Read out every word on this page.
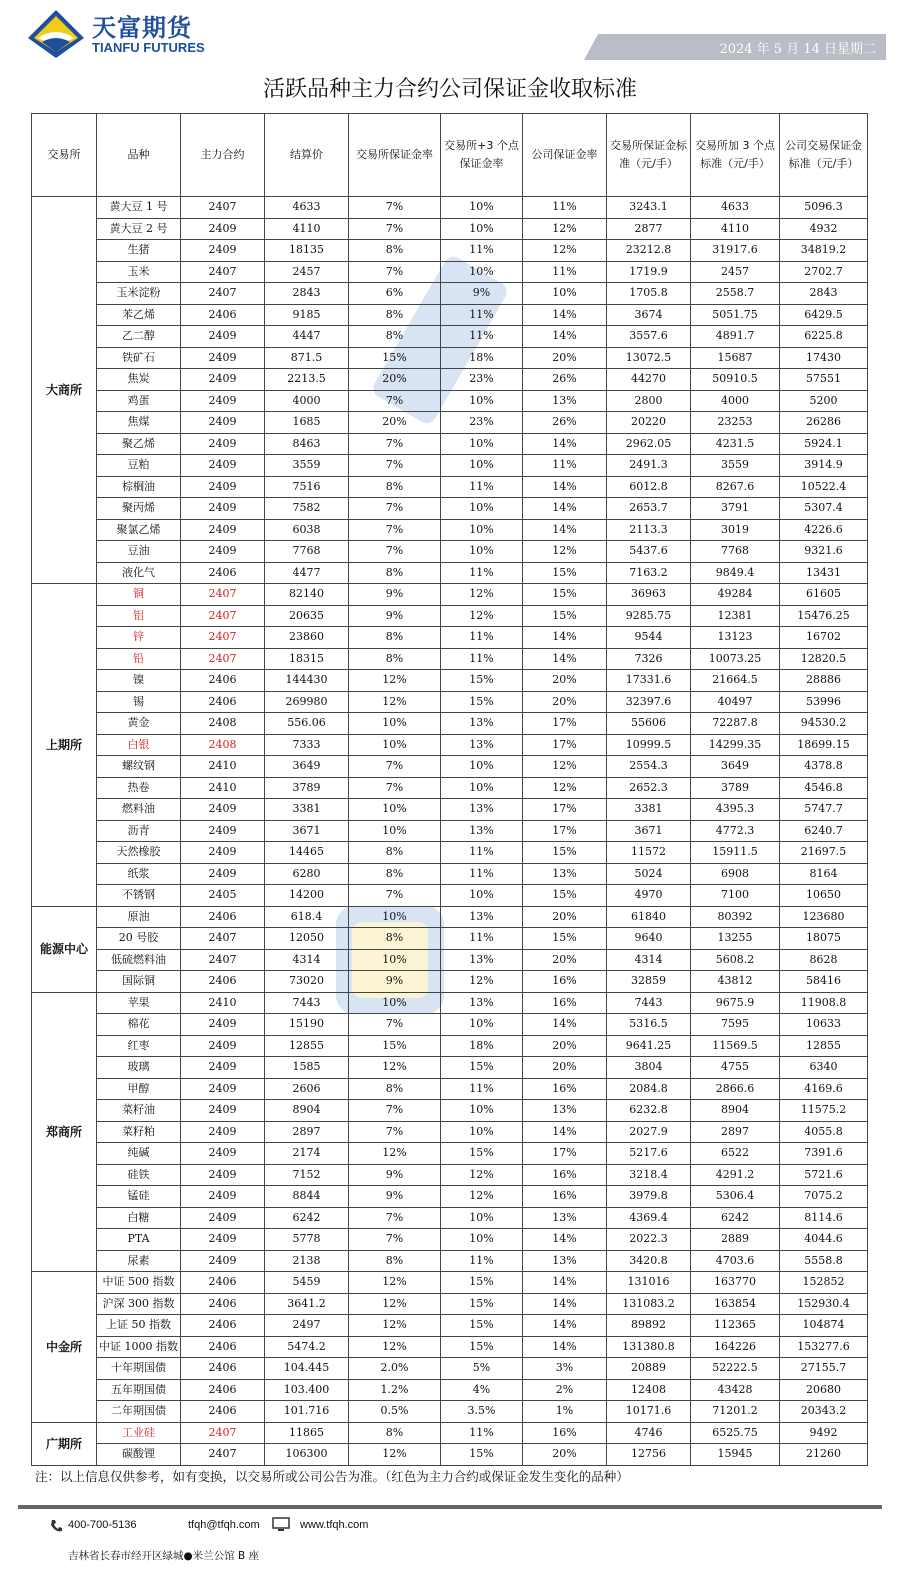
天富期货
TIANFU FUTURES	2024 年 5 月 14 日星期二
活跃品种主力合约公司保证金收取标准
交易所	品种	主力合约	结算价	交易所保证金率	交易所+3 个点保证金率	公司保证金率	交易所保证金标准（元/手）	交易所加 3 个点标准（元/手）	公司交易保证金标准（元/手）
大商所	黄大豆 1 号	2407	4633	7%	10%	11%	3243.1	4633	5096.3
	黄大豆 2 号	2409	4110	7%	10%	12%	2877	4110	4932
	生猪	2409	18135	8%	11%	12%	23212.8	31917.6	34819.2
	玉米	2407	2457	7%	10%	11%	1719.9	2457	2702.7
	玉米淀粉	2407	2843	6%	9%	10%	1705.8	2558.7	2843
	苯乙烯	2406	9185	8%	11%	14%	3674	5051.75	6429.5
	乙二醇	2409	4447	8%	11%	14%	3557.6	4891.7	6225.8
	铁矿石	2409	871.5	15%	18%	20%	13072.5	15687	17430
	焦炭	2409	2213.5	20%	23%	26%	44270	50910.5	57551
	鸡蛋	2409	4000	7%	10%	13%	2800	4000	5200
	焦煤	2409	1685	20%	23%	26%	20220	23253	26286
	聚乙烯	2409	8463	7%	10%	14%	2962.05	4231.5	5924.1
	豆粕	2409	3559	7%	10%	11%	2491.3	3559	3914.9
	棕榈油	2409	7516	8%	11%	14%	6012.8	8267.6	10522.4
	聚丙烯	2409	7582	7%	10%	14%	2653.7	3791	5307.4
	聚氯乙烯	2409	6038	7%	10%	14%	2113.3	3019	4226.6
	豆油	2409	7768	7%	10%	12%	5437.6	7768	9321.6
	液化气	2406	4477	8%	11%	15%	7163.2	9849.4	13431
上期所	铜	2407	82140	9%	12%	15%	36963	49284	61605
	铝	2407	20635	9%	12%	15%	9285.75	12381	15476.25
	锌	2407	23860	8%	11%	14%	9544	13123	16702
	铅	2407	18315	8%	11%	14%	7326	10073.25	12820.5
	镍	2406	144430	12%	15%	20%	17331.6	21664.5	28886
	锡	2406	269980	12%	15%	20%	32397.6	40497	53996
	黄金	2408	556.06	10%	13%	17%	55606	72287.8	94530.2
	白银	2408	7333	10%	13%	17%	10999.5	14299.35	18699.15
	螺纹钢	2410	3649	7%	10%	12%	2554.3	3649	4378.8
	热卷	2410	3789	7%	10%	12%	2652.3	3789	4546.8
	燃料油	2409	3381	10%	13%	17%	3381	4395.3	5747.7
	沥青	2409	3671	10%	13%	17%	3671	4772.3	6240.7
	天然橡胶	2409	14465	8%	11%	15%	11572	15911.5	21697.5
	纸浆	2409	6280	8%	11%	13%	5024	6908	8164
	不锈钢	2405	14200	7%	10%	15%	4970	7100	10650
能源中心	原油	2406	618.4	10%	13%	20%	61840	80392	123680
	20 号胶	2407	12050	8%	11%	15%	9640	13255	18075
	低硫燃料油	2407	4314	10%	13%	20%	4314	5608.2	8628
	国际铜	2406	73020	9%	12%	16%	32859	43812	58416
郑商所	苹果	2410	7443	10%	13%	16%	7443	9675.9	11908.8
	棉花	2409	15190	7%	10%	14%	5316.5	7595	10633
	红枣	2409	12855	15%	18%	20%	9641.25	11569.5	12855
	玻璃	2409	1585	12%	15%	20%	3804	4755	6340
	甲醇	2409	2606	8%	11%	16%	2084.8	2866.6	4169.6
	菜籽油	2409	8904	7%	10%	13%	6232.8	8904	11575.2
	菜籽粕	2409	2897	7%	10%	14%	2027.9	2897	4055.8
	纯碱	2409	2174	12%	15%	17%	5217.6	6522	7391.6
	硅铁	2409	7152	9%	12%	16%	3218.4	4291.2	5721.6
	锰硅	2409	8844	9%	12%	16%	3979.8	5306.4	7075.2
	白糖	2409	6242	7%	10%	13%	4369.4	6242	8114.6
	PTA	2409	5778	7%	10%	14%	2022.3	2889	4044.6
	尿素	2409	2138	8%	11%	13%	3420.8	4703.6	5558.8
中金所	中证 500 指数	2406	5459	12%	15%	14%	131016	163770	152852
	沪深 300 指数	2406	3641.2	12%	15%	14%	131083.2	163854	152930.4
	上证 50 指数	2406	2497	12%	15%	14%	89892	112365	104874
	中证 1000 指数	2406	5474.2	12%	15%	14%	131380.8	164226	153277.6
	十年期国债	2406	104.445	2.0%	5%	3%	20889	52222.5	27155.7
	五年期国债	2406	103.400	1.2%	4%	2%	12408	43428	20680
	二年期国债	2406	101.716	0.5%	3.5%	1%	10171.6	71201.2	20343.2
广期所	工业硅	2407	11865	8%	11%	16%	4746	6525.75	9492
	碳酸锂	2407	106300	12%	15%	20%	12756	15945	21260
注：以上信息仅供参考，如有变换，以交易所或公司公告为准。（红色为主力合约或保证金发生变化的品种）
400-700-5136	tfqh@tfqh.com	www.tfqh.com
吉林省长春市经开区绿城●米兰公馆 B 座
